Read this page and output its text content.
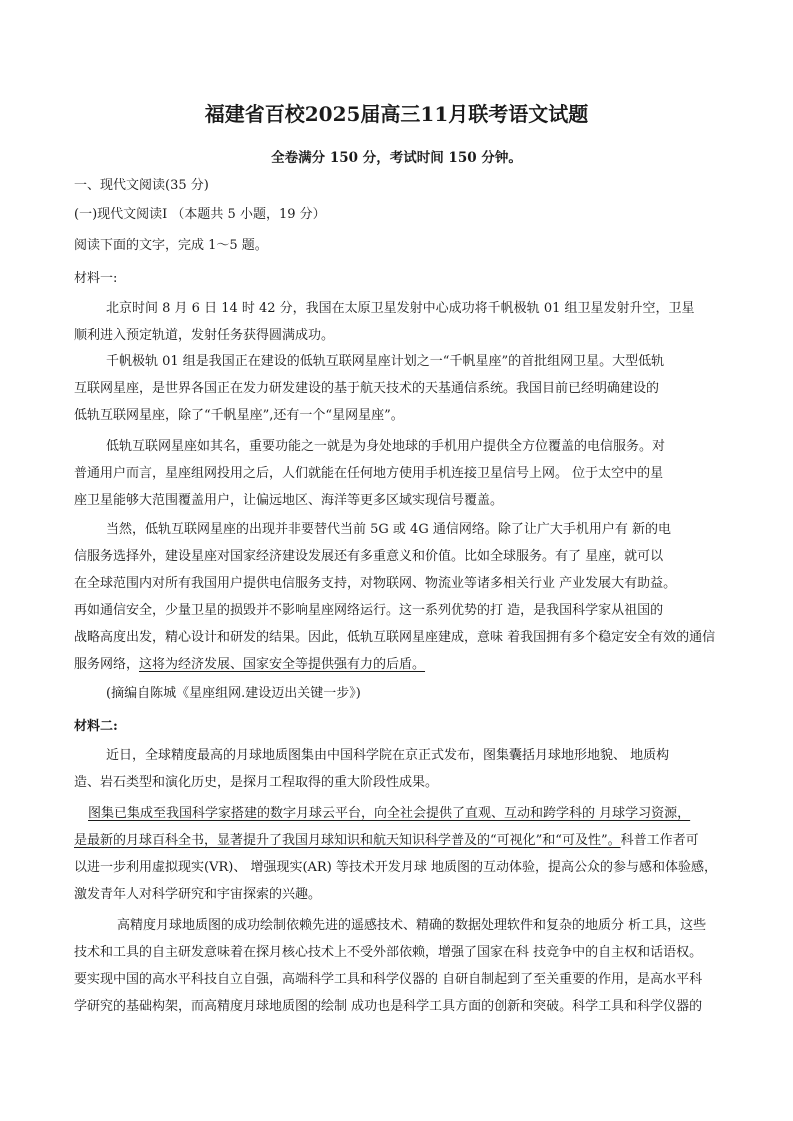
福建省百校2025届高三11月联考语文试题
全卷满分 150 分，考试时间 150 分钟。
一、现代文阅读(35 分)
(一)现代文阅读Ⅰ （本题共 5 小题，19 分）
阅读下面的文字，完成 1～5 题。
材料一:
北京时间 8 月 6 日 14 时 42 分，我国在太原卫星发射中心成功将千帆极轨 01 组卫星发射升空，卫星
顺利进入预定轨道，发射任务获得圆满成功。
千帆极轨 01 组是我国正在建设的低轨互联网星座计划之一“千帆星座”的首批组网卫星。大型低轨
互联网星座，是世界各国正在发力研发建设的基于航天技术的天基通信系统。我国目前已经明确建设的
低轨互联网星座，除了“千帆星座”,还有一个“星网星座”。
低轨互联网星座如其名，重要功能之一就是为身处地球的手机用户提供全方位覆盖的电信服务。对
普通用户而言，星座组网投用之后，人们就能在任何地方使用手机连接卫星信号上网。 位于太空中的星
座卫星能够大范围覆盖用户，让偏远地区、海洋等更多区域实现信号覆盖。
当然，低轨互联网星座的出现并非要替代当前 5G 或 4G 通信网络。除了让广大手机用户有 新的电
信服务选择外，建设星座对国家经济建设发展还有多重意义和价值。比如全球服务。有了 星座，就可以
在全球范围内对所有我国用户提供电信服务支持，对物联网、物流业等诸多相关行业 产业发展大有助益。
再如通信安全，少量卫星的损毁并不影响星座网络运行。这一系列优势的打 造，是我国科学家从祖国的
战略高度出发，精心设计和研发的结果。因此，低轨互联网星座建成，意味 着我国拥有多个稳定安全有效的通信
服务网络，这将为经济发展、国家安全等提供强有力的后盾。
(摘编自陈城《星座组网.建设迈出关键一步》)
材料二:
近日，全球精度最高的月球地质图集由中国科学院在京正式发布，图集囊括月球地形地貌、 地质构
造、岩石类型和演化历史，是探月工程取得的重大阶段性成果。
图集已集成至我国科学家搭建的数字月球云平台，向全社会提供了直观、互动和跨学科的 月球学习资源，
是最新的月球百科全书，显著提升了我国月球知识和航天知识科学普及的“可视化”和“可及性”。科普工作者可
以进一步利用虚拟现实(VR)、 增强现实(AR) 等技术开发月球 地质图的互动体验，提高公众的参与感和体验感，
激发青年人对科学研究和宇宙探索的兴趣。
高精度月球地质图的成功绘制依赖先进的遥感技术、精确的数据处理软件和复杂的地质分 析工具，这些
技术和工具的自主研发意味着在探月核心技术上不受外部依赖，增强了国家在科 技竞争中的自主权和话语权。
要实现中国的高水平科技自立自强，高端科学工具和科学仪器的 自研自制起到了至关重要的作用，是高水平科
学研究的基础构架，而高精度月球地质图的绘制 成功也是科学工具方面的创新和突破。科学工具和科学仪器的
